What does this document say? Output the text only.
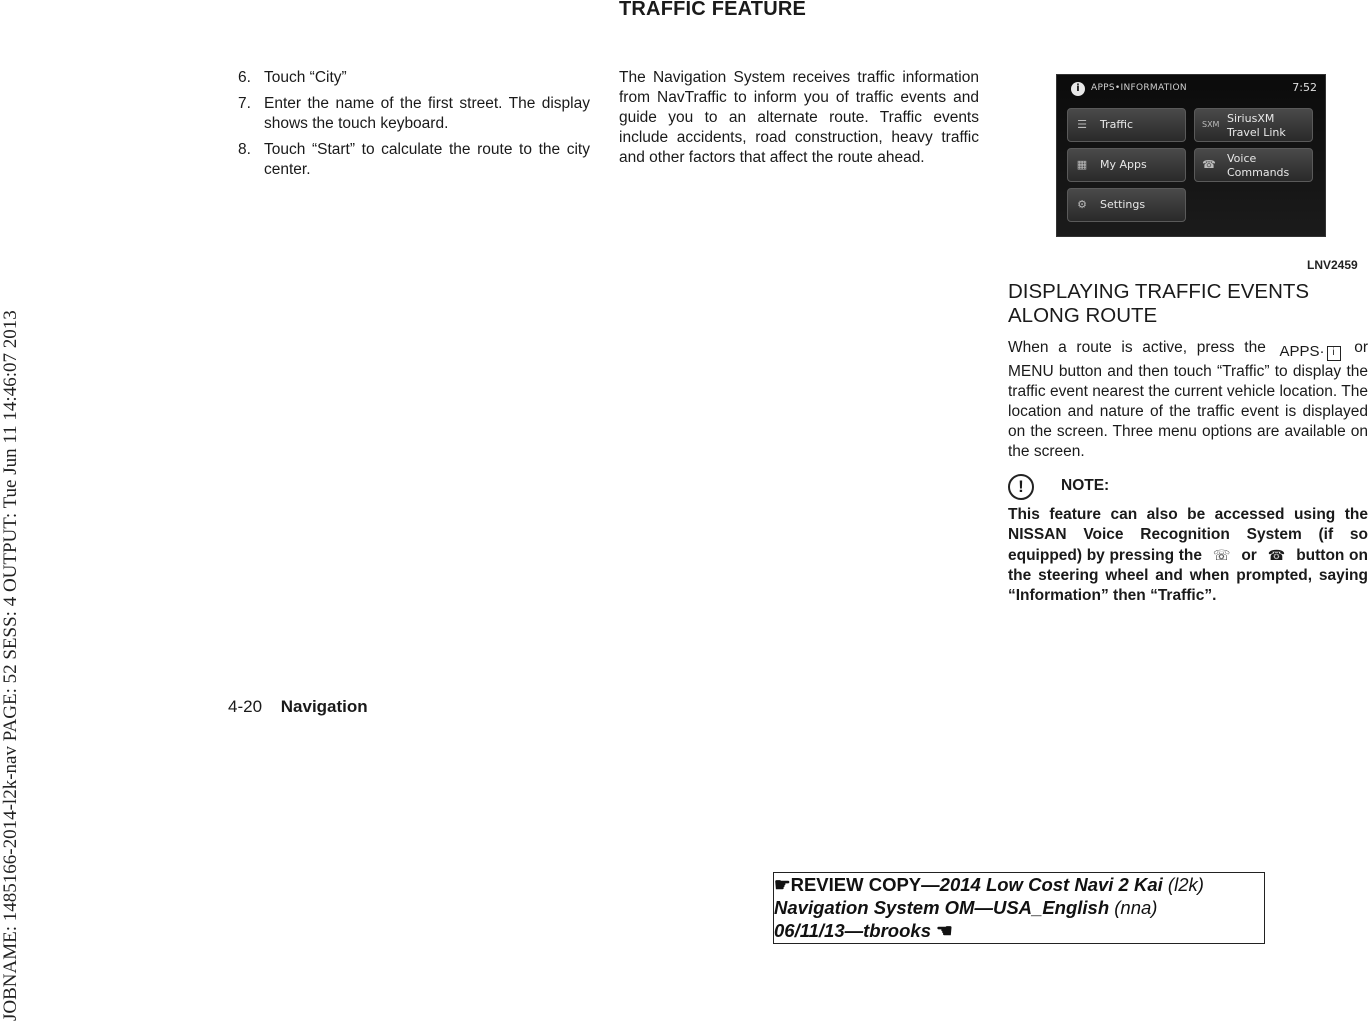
JOBNAME: 1485166-2014-l2k-nav PAGE: 52 SESS: 4 OUTPUT: Tue Jun 11 14:46:07 2013
TRAFFIC FEATURE
6. Touch “City”
7. Enter the name of the first street. The display shows the touch keyboard.
8. Touch “Start” to calculate the route to the city center.
The Navigation System receives traffic information from NavTraffic to inform you of traffic events and guide you to an alternate route. Traffic events include accidents, road construction, heavy traffic and other factors that affect the route ahead.
i	APPS•INFORMATION	7:52
☰ Traffic	SXM SiriusXM
Travel Link
▦ My Apps	☎ Voice
Commands
⚙ Settings
LNV2459
DISPLAYING TRAFFIC EVENTS ALONG ROUTE
When a route is active, press the APPS· i or MENU button and then touch “Traffic” to display the traffic event nearest the current vehicle location. The location and nature of the traffic event is displayed on the screen. Three menu options are available on the screen.
!	NOTE:
This feature can also be accessed using the NISSAN Voice Recognition System (if so equipped) by pressing the ☏ or ☎ button on the steering wheel and when prompted, saying “Information” then “Traffic”.
4-20 Navigation
☛REVIEW COPY—2014 Low Cost Navi 2 Kai (l2k)
Navigation System OM—USA_English (nna)
06/11/13—tbrooks ☚
